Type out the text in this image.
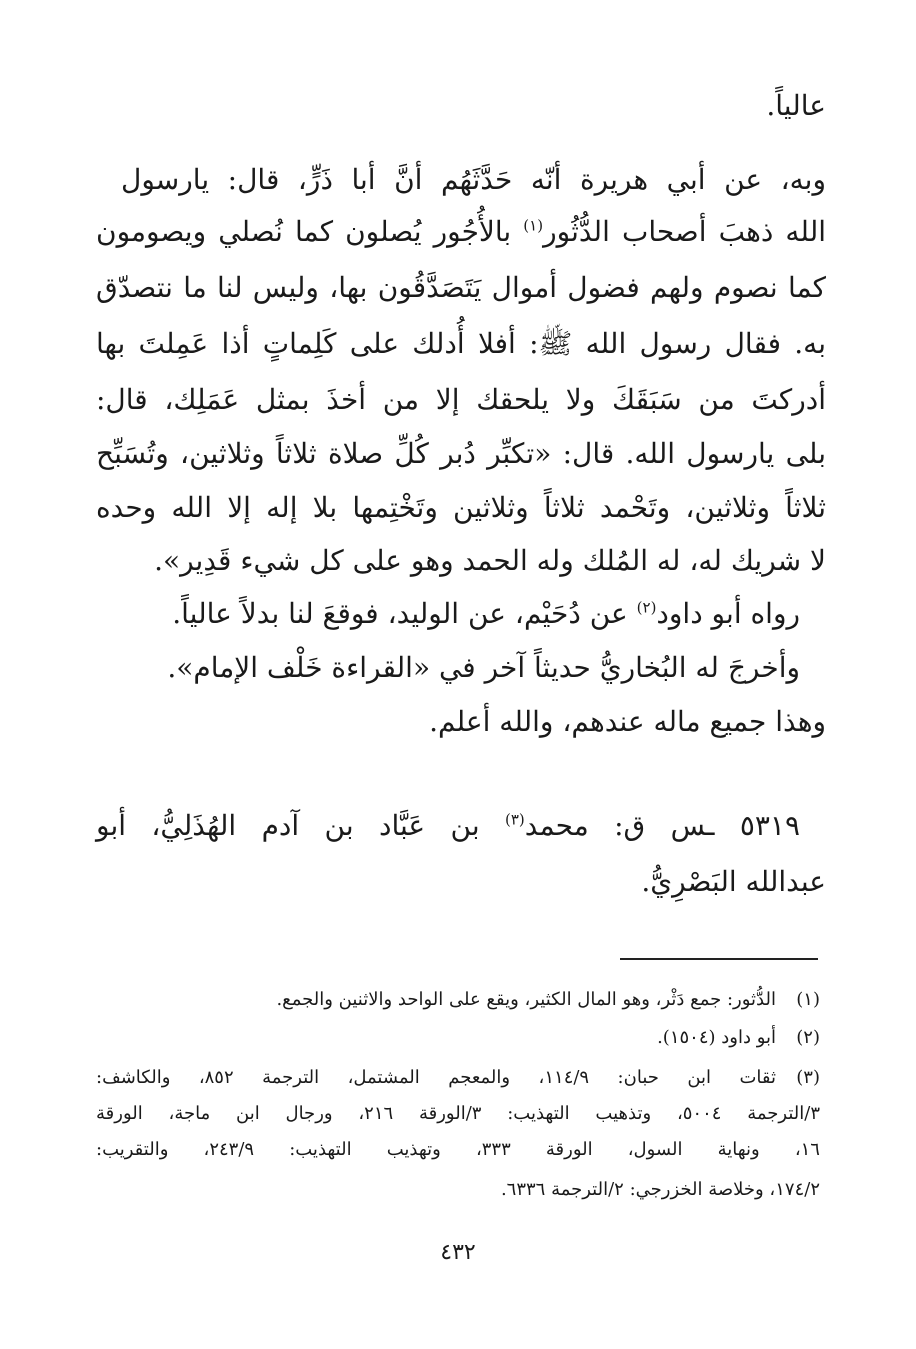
عالياً.
وبه، عن أبي هريرة أنّه حَدَّثَهُم أنَّ أبا ذَرٍّ، قال: يارسول
الله ذهبَ أصحاب الدُّثُور$^{(١)}$ بالأُجُور يُصلون كما نُصلي ويصومون
كما نصوم ولهم فضول أموال يَتَصَدَّقُون بها، وليس لنا ما نتصدّق
به. فقال رسول الله ﷺ: أفلا أُدلك على كَلِماتٍ أذا عَمِلتَ بها
أدركتَ من سَبَقَكَ ولا يلحقك إلا من أخذَ بمثل عَمَلِك، قال:
بلى يارسول الله. قال: «تكبِّر دُبر كُلِّ صلاة ثلاثاً وثلاثين، وتُسَبِّح
ثلاثاً وثلاثين، وتَحْمد ثلاثاً وثلاثين وتَخْتِمها بلا إله إلا الله وحده
لا شريك له، له المُلك وله الحمد وهو على كل شيء قَدِير».
رواه أبو داود$^{(٢)}$ عن دُحَيْم، عن الوليد، فوقعَ لنا بدلاً عالياً.
وأخرجَ له البُخاريُّ حديثاً آخر في «القراءة خَلْف الإمام».
وهذا جميع ماله عندهم، والله أعلم.
٥٣١٩ ـس ق: محمد$^{(٣)}$ بن عَبَّاد بن آدم الهُذَلِيُّ، أبو
عبدالله البَصْرِيُّ.
(١)
الدُّثور: جمع دَثْر، وهو المال الكثير، ويقع على الواحد والاثنين والجمع.
(٢)
أبو داود (١٥٠٤).
(٣)
ثقات ابن حبان: ١١٤/٩، والمعجم المشتمل، الترجمة ٨٥٢، والكاشف:
٣/الترجمة ٥٠٠٤، وتذهيب التهذيب: ٣/الورقة ٢١٦، ورجال ابن ماجة، الورقة
١٦، ونهاية السول، الورقة ٣٣٣، وتهذيب التهذيب: ٢٤٣/٩، والتقريب:
١٧٤/٢، وخلاصة الخزرجي: ٢/الترجمة ٦٣٣٦.
٤٣٢
